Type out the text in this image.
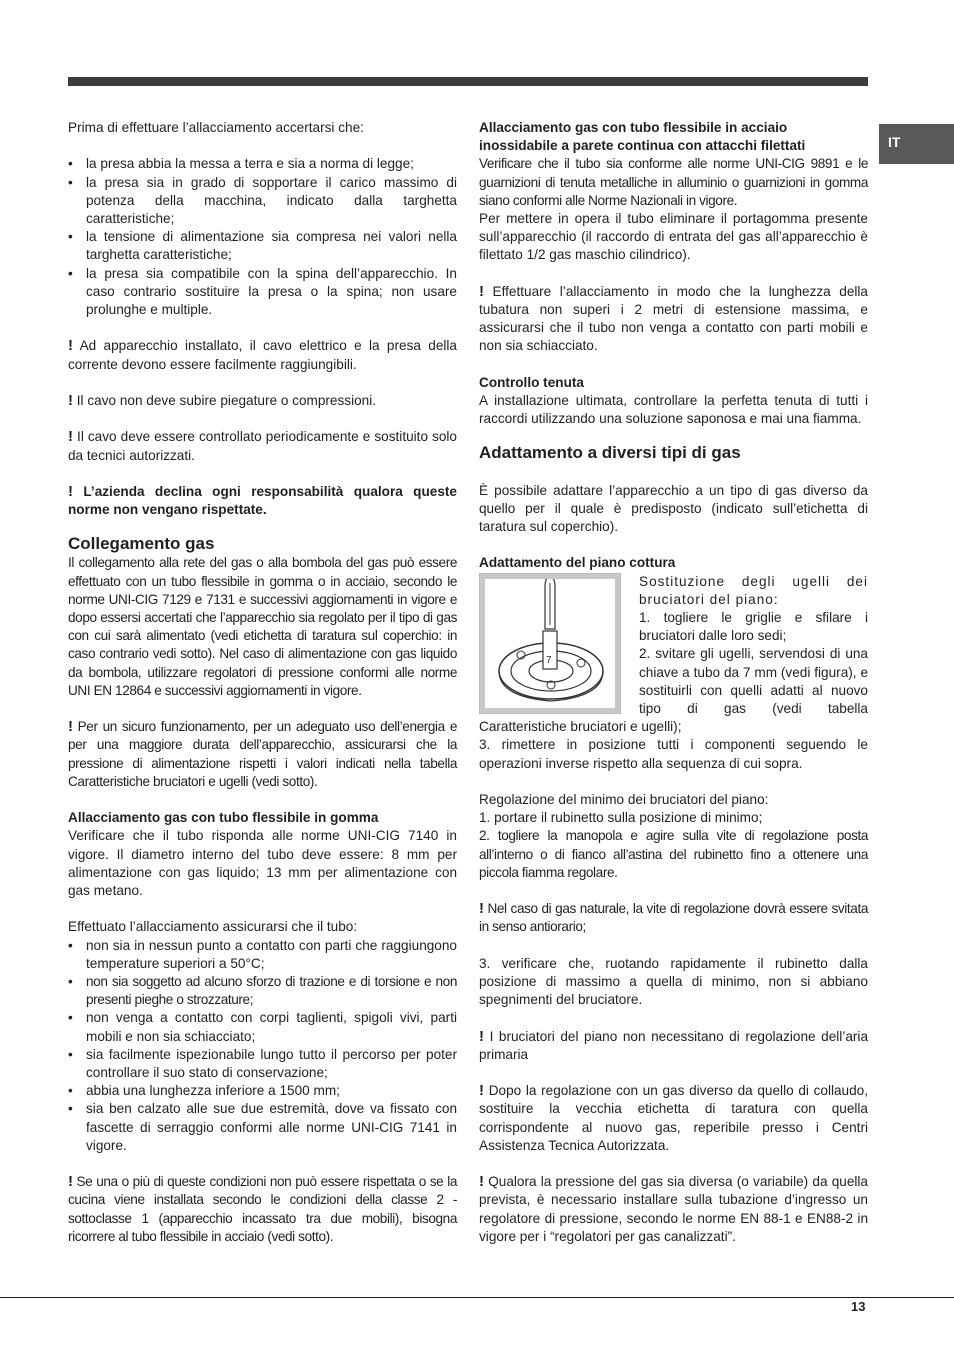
IT

Prima di effettuare l’allacciamento accertarsi che:

• la presa abbia la messa a terra e sia a norma di legge;
• la presa sia in grado di sopportare il carico massimo di potenza della macchina, indicato dalla targhetta caratteristiche;
• la tensione di alimentazione sia compresa nei valori nella targhetta caratteristiche;
• la presa sia compatibile con la spina dell’apparecchio. In caso contrario sostituire la presa o la spina; non usare prolunghe e multiple.

! Ad apparecchio installato, il cavo elettrico e la presa della corrente devono essere facilmente raggiungibili.

! Il cavo non deve subire piegature o compressioni.

! Il cavo deve essere controllato periodicamente e sostituito solo da tecnici autorizzati.

! L’azienda declina ogni responsabilità qualora queste norme non vengano rispettate.

Collegamento gas

Il collegamento alla rete del gas o alla bombola del gas può essere effettuato con un tubo flessibile in gomma o in acciaio, secondo le norme UNI-CIG 7129 e 7131 e successivi aggiornamenti in vigore e dopo essersi accertati che l’apparecchio sia regolato per il tipo di gas con cui sarà alimentato (vedi etichetta di taratura sul coperchio: in caso contrario vedi sotto). Nel caso di alimentazione con gas liquido da bombola, utilizzare regolatori di pressione conformi alle norme UNI EN 12864 e successivi aggiornamenti in vigore.

! Per un sicuro funzionamento, per un adeguato uso dell’energia e per una maggiore durata dell’apparecchio, assicurarsi che la pressione di alimentazione rispetti i valori indicati nella tabella Caratteristiche bruciatori e ugelli (vedi sotto).

Allacciamento gas con tubo flessibile in gomma

Verificare che il tubo risponda alle norme UNI-CIG 7140 in vigore. Il diametro interno del tubo deve essere: 8 mm per alimentazione con gas liquido; 13 mm per alimentazione con gas metano.

Effettuato l’allacciamento assicurarsi che il tubo:

• non sia in nessun punto a contatto con parti che raggiungono temperature superiori a 50°C;
• non sia soggetto ad alcuno sforzo di trazione e di torsione e non presenti pieghe o strozzature;
• non venga a contatto con corpi taglienti, spigoli vivi, parti mobili e non sia schiacciato;
• sia facilmente ispezionabile lungo tutto il percorso per poter controllare il suo stato di conservazione;
• abbia una lunghezza inferiore a 1500 mm;
• sia ben calzato alle sue due estremità, dove va fissato con fascette di serraggio conformi alle norme UNI-CIG 7141 in vigore.

! Se una o più di queste condizioni non può essere rispettata o se la cucina viene installata secondo le condizioni della classe 2 - sottoclasse 1 (apparecchio incassato tra due mobili), bisogna ricorrere al tubo flessibile in acciaio (vedi sotto).

Allacciamento gas con tubo flessibile in acciaio inossidabile a parete continua con attacchi filettati

Verificare che il tubo sia conforme alle norme UNI-CIG 9891 e le guarnizioni di tenuta metalliche in alluminio o guarnizioni in gomma siano conformi alle Norme Nazionali in vigore.

Per mettere in opera il tubo eliminare il portagomma presente sull’apparecchio (il raccordo di entrata del gas all’apparecchio è filettato 1/2 gas maschio cilindrico).

! Effettuare l’allacciamento in modo che la lunghezza della tubatura non superi i 2 metri di estensione massima, e assicurarsi che il tubo non venga a contatto con parti mobili e non sia schiacciato.

Controllo tenuta

A installazione ultimata, controllare la perfetta tenuta di tutti i raccordi utilizzando una soluzione saponosa e mai una fiamma.

Adattamento a diversi tipi di gas

È possibile adattare l’apparecchio a un tipo di gas diverso da quello per il quale è predisposto (indicato sull’etichetta di taratura sul coperchio).

Adattamento del piano cottura
7

Sostituzione degli ugelli dei bruciatori del piano:

1. togliere le griglie e sfilare i bruciatori dalle loro sedi;

2. svitare gli ugelli, servendosi di una chiave a tubo da 7 mm (vedi figura), e sostituirli con quelli adatti al nuovo tipo di gas (vedi tabella Caratteristiche bruciatori e ugelli);

3. rimettere in posizione tutti i componenti seguendo le operazioni inverse rispetto alla sequenza di cui sopra.

Regolazione del minimo dei bruciatori del piano:

1. portare il rubinetto sulla posizione di minimo;

2. togliere la manopola e agire sulla vite di regolazione posta all’interno o di fianco all’astina del rubinetto fino a ottenere una piccola fiamma regolare.

! Nel caso di gas naturale, la vite di regolazione dovrà essere svitata in senso antiorario;

3. verificare che, ruotando rapidamente il rubinetto dalla posizione di massimo a quella di minimo, non si abbiano spegnimenti del bruciatore.

! I bruciatori del piano non necessitano di regolazione dell’aria primaria

! Dopo la regolazione con un gas diverso da quello di collaudo, sostituire la vecchia etichetta di taratura con quella corrispondente al nuovo gas, reperibile presso i Centri Assistenza Tecnica Autorizzata.

! Qualora la pressione del gas sia diversa (o variabile) da quella prevista, è necessario installare sulla tubazione d’ingresso un regolatore di pressione, secondo le norme EN 88-1 e EN88-2 in vigore per i “regolatori per gas canalizzati”.

13
